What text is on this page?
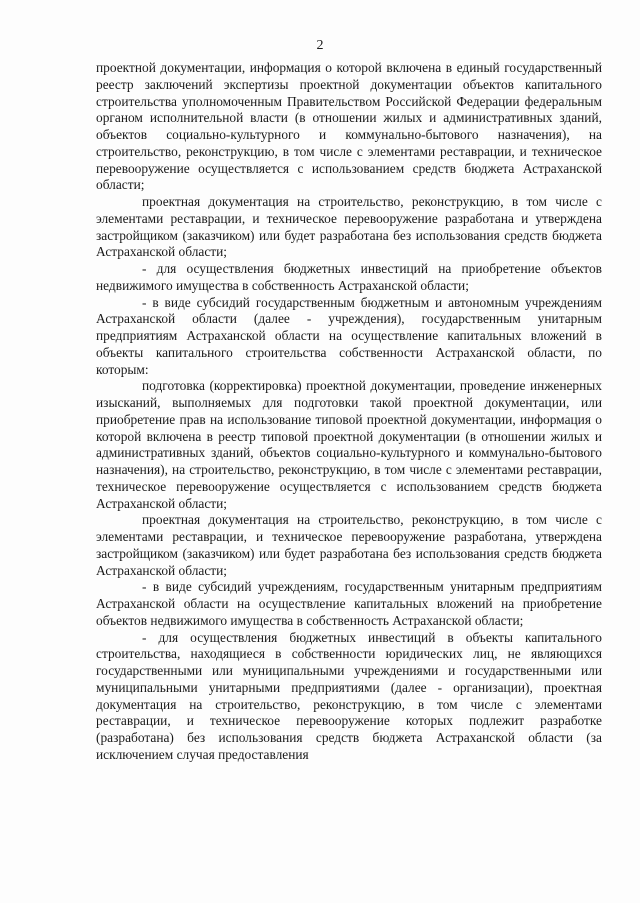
2

проектной документации, информация о которой включена в единый государственный реестр заключений экспертизы проектной документации объектов капитального строительства уполномоченным Правительством Российской Федерации федеральным органом исполнительной власти (в отношении жилых и административных зданий, объектов социально-культурного и коммунально-бытового назначения), на строительство, реконструкцию, в том числе с элементами реставрации, и техническое перевооружение осуществляется с использованием средств бюджета Астраханской области;

проектная документация на строительство, реконструкцию, в том числе с элементами реставрации, и техническое перевооружение разработана и утверждена застройщиком (заказчиком) или будет разработана без использования средств бюджета Астраханской области;

- для осуществления бюджетных инвестиций на приобретение объектов недвижимого имущества в собственность Астраханской области;

- в виде субсидий государственным бюджетным и автономным учреждениям Астраханской области (далее - учреждения), государственным унитарным предприятиям Астраханской области на осуществление капитальных вложений в объекты капитального строительства собственности Астраханской области, по которым:

подготовка (корректировка) проектной документации, проведение инженерных изысканий, выполняемых для подготовки такой проектной документации, или приобретение прав на использование типовой проектной документации, информация о которой включена в реестр типовой проектной документации (в отношении жилых и административных зданий, объектов социально-культурного и коммунально-бытового назначения), на строительство, реконструкцию, в том числе с элементами реставрации, техническое перевооружение осуществляется с использованием средств бюджета Астраханской области;

проектная документация на строительство, реконструкцию, в том числе с элементами реставрации, и техническое перевооружение разработана, утверждена застройщиком (заказчиком) или будет разработана без использования средств бюджета Астраханской области;

- в виде субсидий учреждениям, государственным унитарным предприятиям Астраханской области на осуществление капитальных вложений на приобретение объектов недвижимого имущества в собственность Астраханской области;

- для осуществления бюджетных инвестиций в объекты капитального строительства, находящиеся в собственности юридических лиц, не являющихся государственными или муниципальными учреждениями и государственными или муниципальными унитарными предприятиями (далее - организации), проектная документация на строительство, реконструкцию, в том числе с элементами реставрации, и техническое перевооружение которых подлежит разработке (разработана) без использования средств бюджета Астраханской области (за исключением случая предоставления
